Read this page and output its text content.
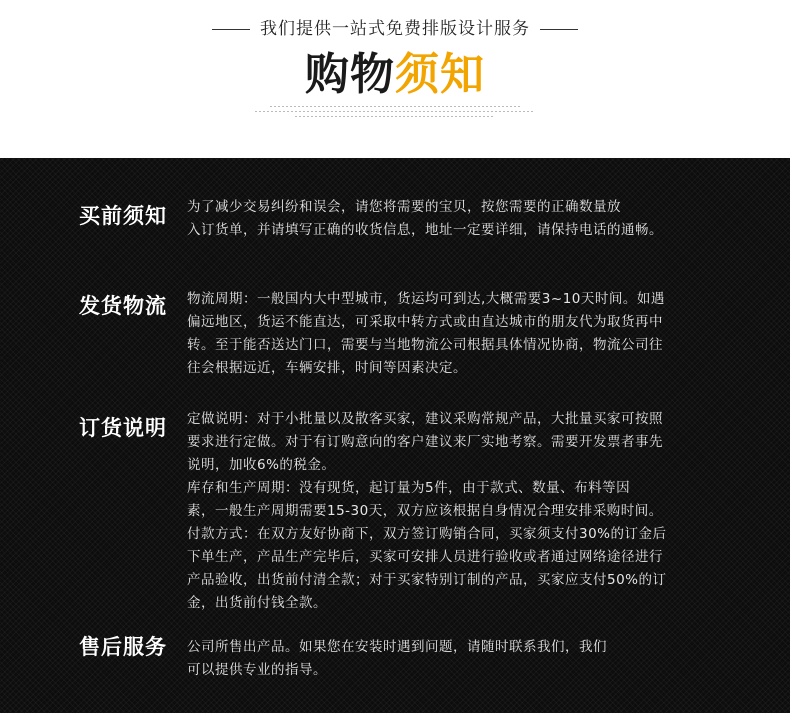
我们提供一站式免费排版设计服务
购物须知
买前须知 为了减少交易纠纷和误会，请您将需要的宝贝，按您需要的正确数量放

入订货单，并请填写正确的收货信息，地址一定要详细，请保持电话的通畅。

发货物流 物流周期：一般国内大中型城市，货运均可到达,大概需要3~10天时间。如遇

偏远地区，货运不能直达，可采取中转方式或由直达城市的朋友代为取货再中

转。至于能否送达门口，需要与当地物流公司根据具体情况协商，物流公司往

往会根据远近，车辆安排，时间等因素决定。

订货说明 定做说明：对于小批量以及散客买家，建议采购常规产品，大批量买家可按照

要求进行定做。对于有订购意向的客户建议来厂实地考察。需要开发票者事先

说明，加收6%的税金。

库存和生产周期：没有现货，起订量为5件，由于款式、数量、布料等因

素，一般生产周期需要15-30天，双方应该根据自身情况合理安排采购时间。

付款方式：在双方友好协商下，双方签订购销合同，买家须支付30%的订金后

下单生产，产品生产完毕后，买家可安排人员进行验收或者通过网络途径进行

产品验收，出货前付清全款；对于买家特别订制的产品，买家应支付50%的订

金，出货前付钱全款。

售后服务 公司所售出产品。如果您在安装时遇到问题，请随时联系我们，我们

可以提供专业的指导。
